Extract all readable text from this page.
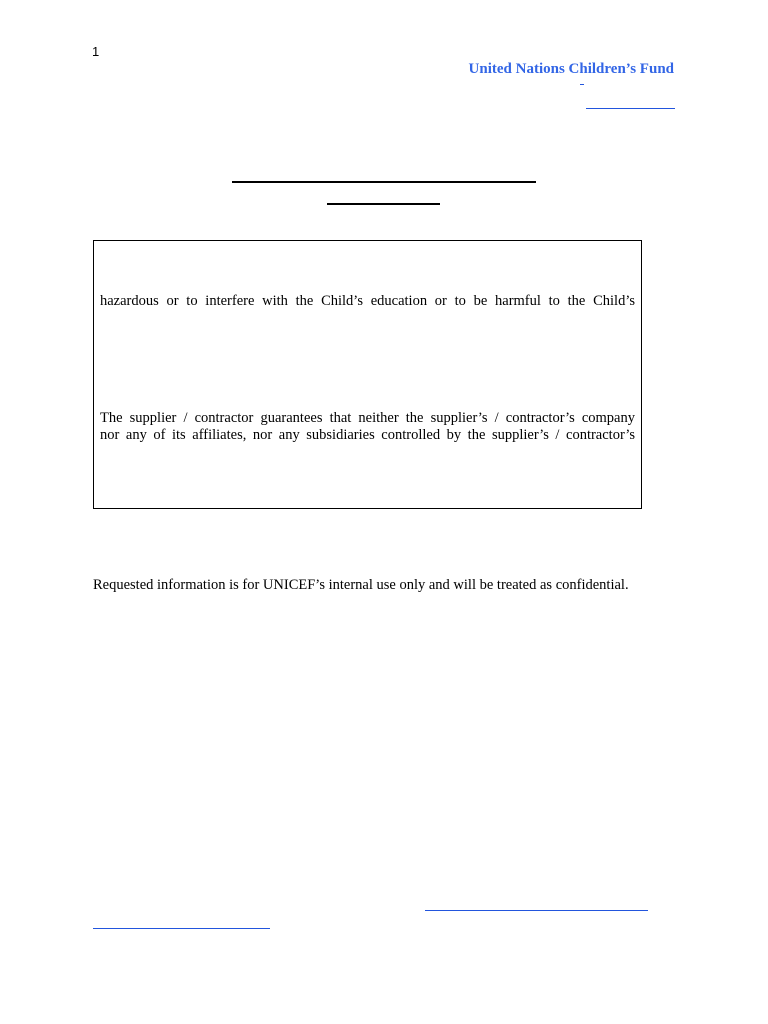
1
United Nations Children’s Fund
hazardous or to interfere with the Child’s education or to be harmful to the Child’s
The supplier / contractor guarantees that neither the supplier’s / contractor’s company
nor any of its affiliates, nor any subsidiaries controlled by the supplier’s / contractor’s
Requested information is for UNICEF’s internal use only and will be treated as confidential.
